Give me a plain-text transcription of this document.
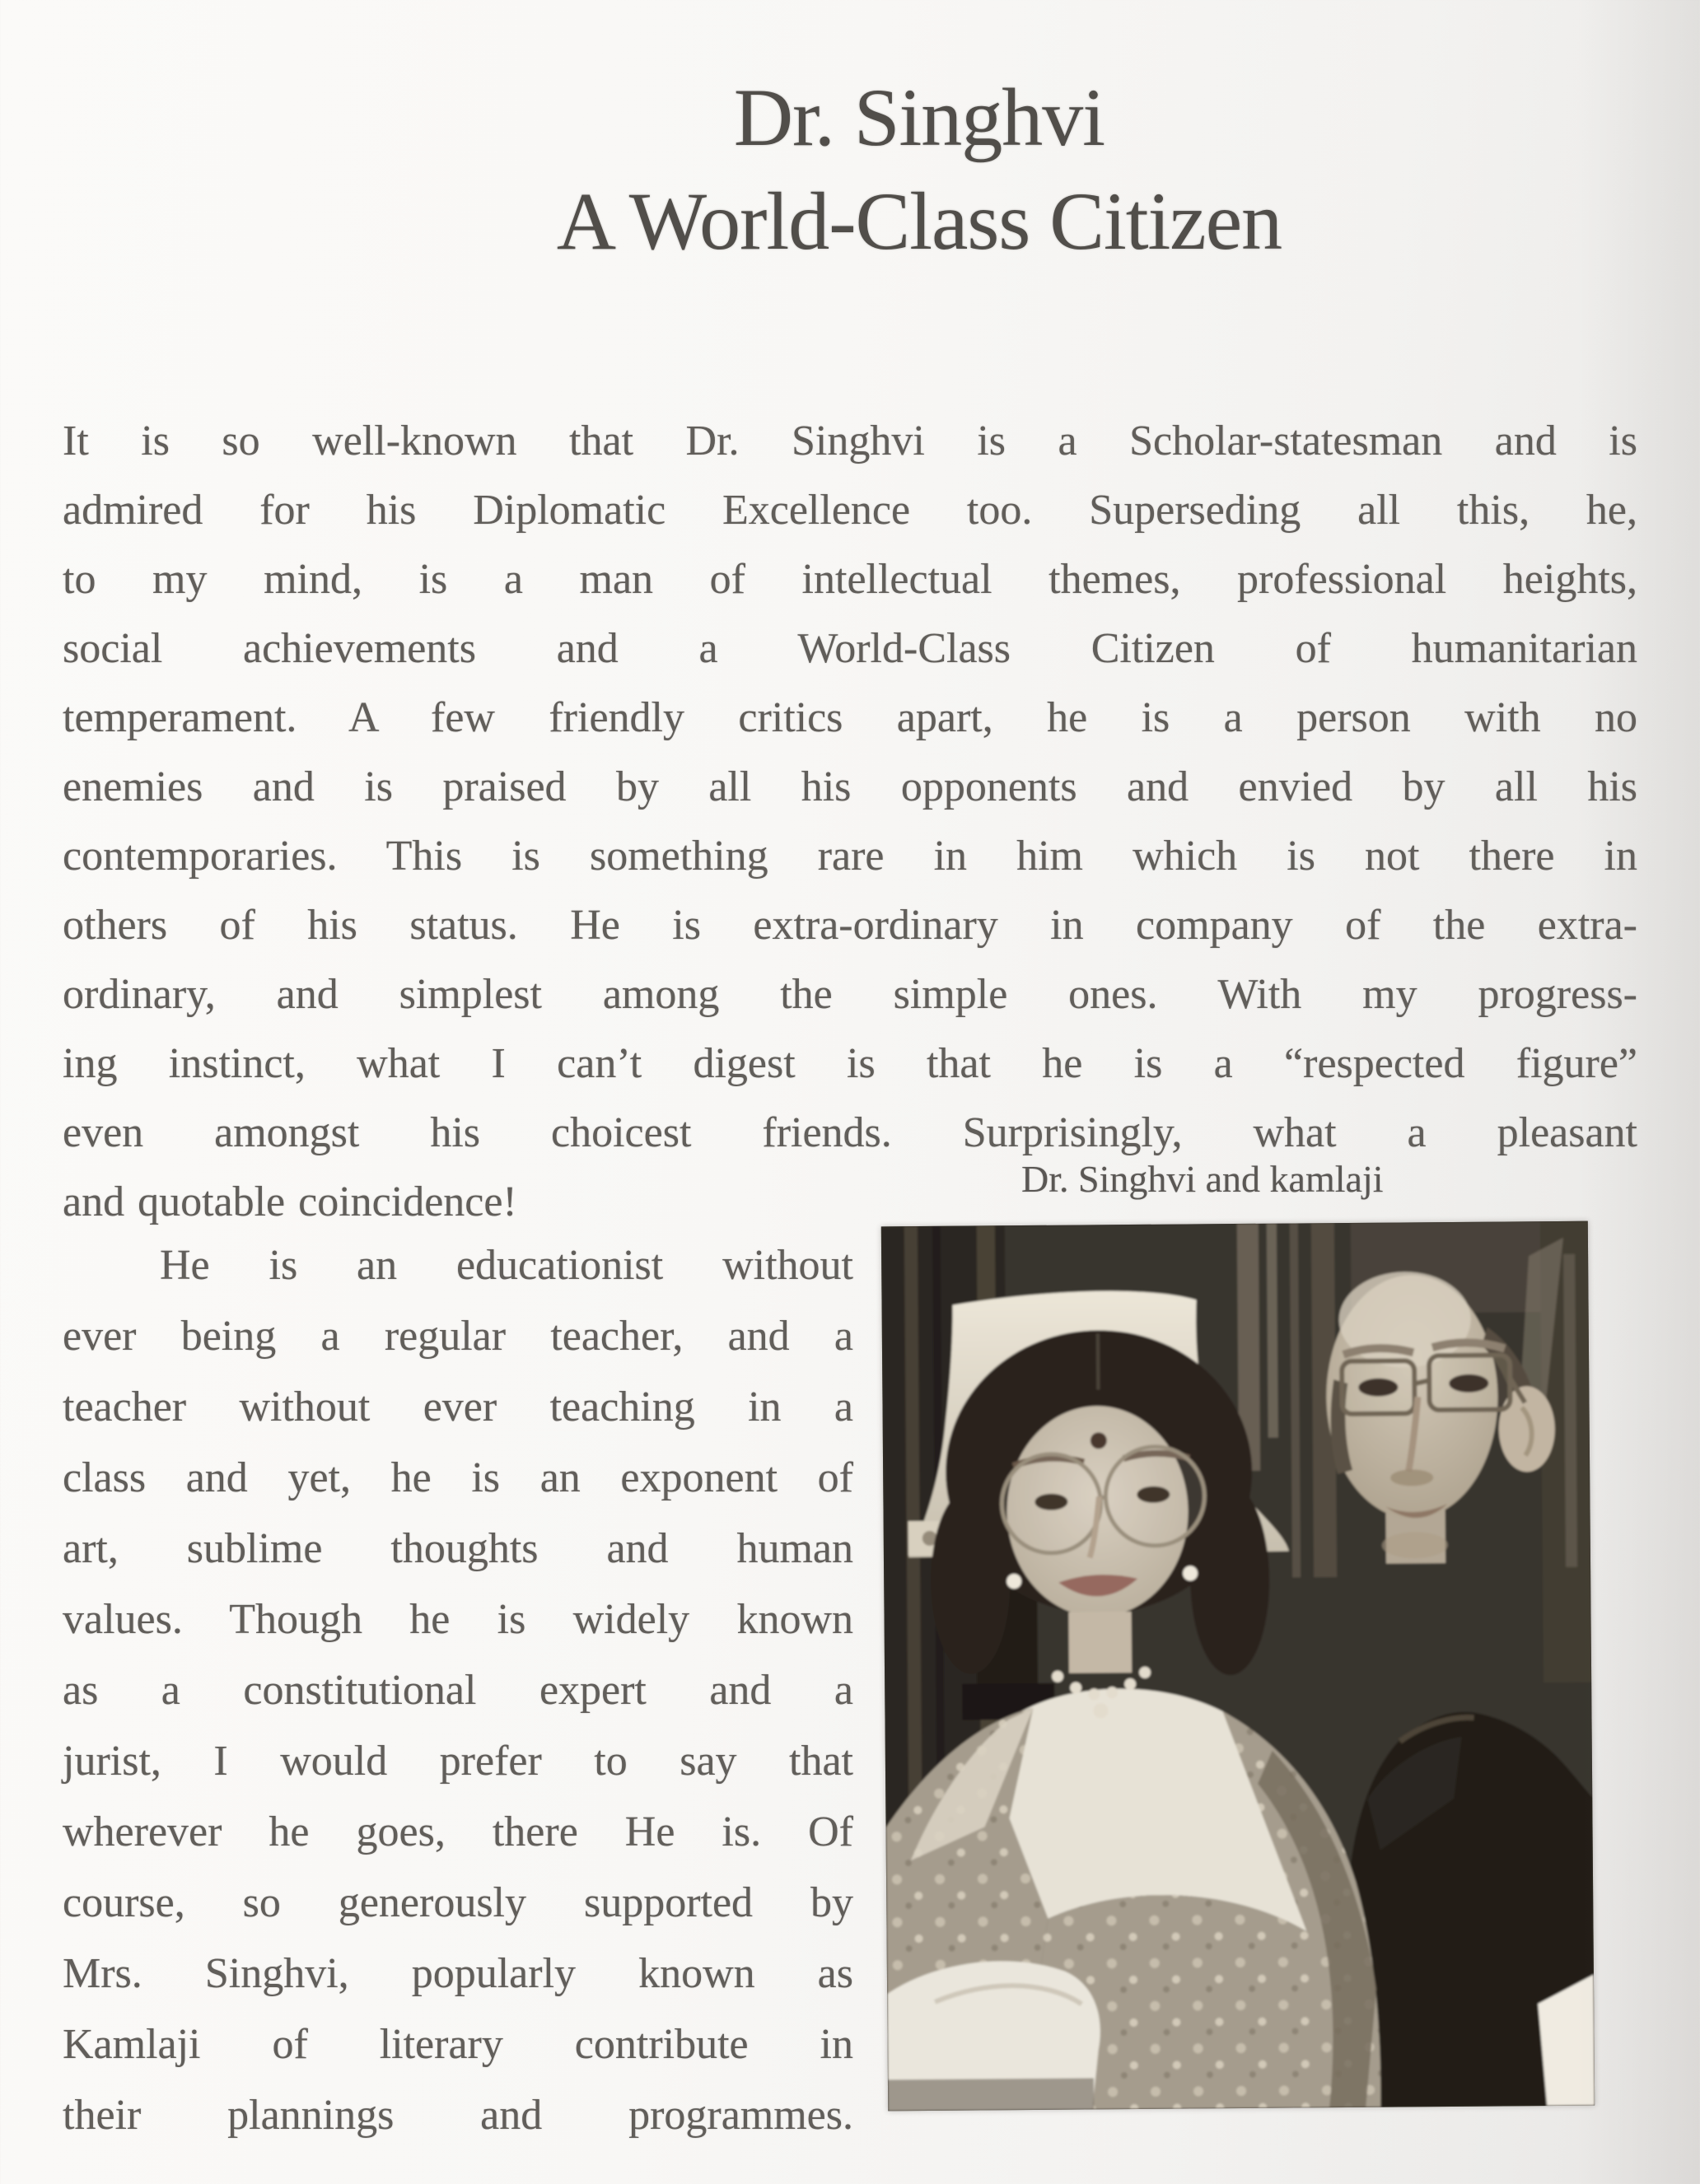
Dr. Singhvi
A World-Class Citizen
It is so well-known that Dr. Singhvi is a Scholar-statesman and is
admired for his Diplomatic Excellence too. Superseding all this, he,
to my mind, is a man of intellectual themes, professional heights,
social achievements and a World-Class Citizen of humanitarian
temperament. A few friendly critics apart, he is a person with no
enemies and is praised by all his opponents and envied by all his
contemporaries. This is something rare in him which is not there in
others of his status. He is extra-ordinary in company of the extra-
ordinary, and simplest among the simple ones. With my progress-
ing instinct, what I can’t digest is that he is a “respected figure”
even amongst his choicest friends. Surprisingly, what a pleasant
and quotable coincidence!	Dr. Singhvi and kamlaji
He is an educationist without
ever being a regular teacher, and a
teacher without ever teaching in a
class and yet, he is an exponent of
art, sublime thoughts and human
values. Though he is widely known
as a constitutional expert and a
jurist, I would prefer to say that
wherever he goes, there He is. Of
course, so generously supported by
Mrs. Singhvi, popularly known as
Kamlaji of literary contribute in
their plannings and programmes.
